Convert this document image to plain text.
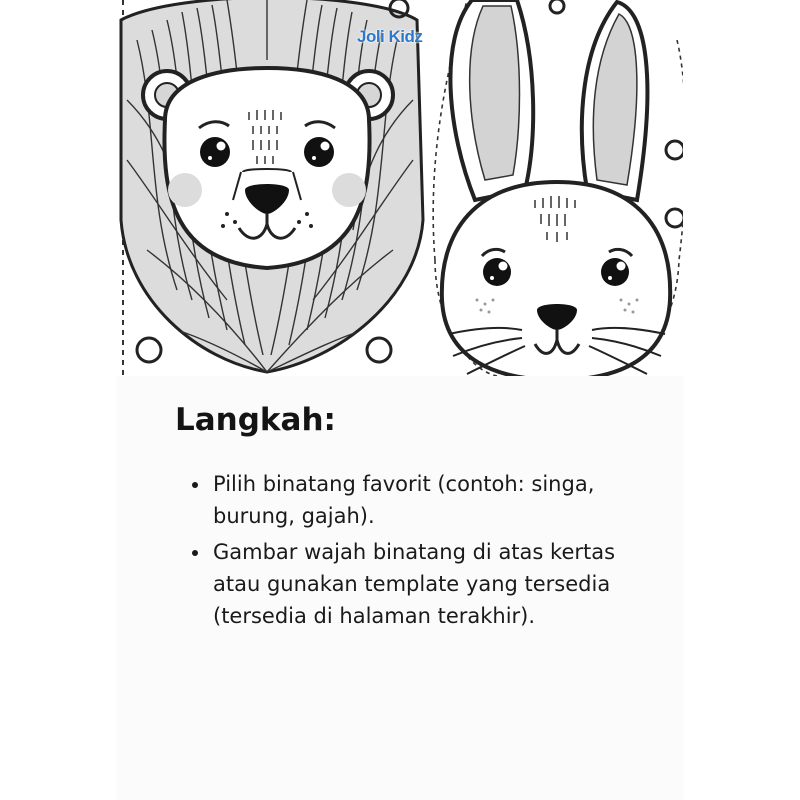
Joli Kidz
Langkah:
Pilih binatang favorit (contoh: singa, burung, gajah).
Gambar wajah binatang di atas kertas atau gunakan template yang tersedia (tersedia di halaman terakhir).
